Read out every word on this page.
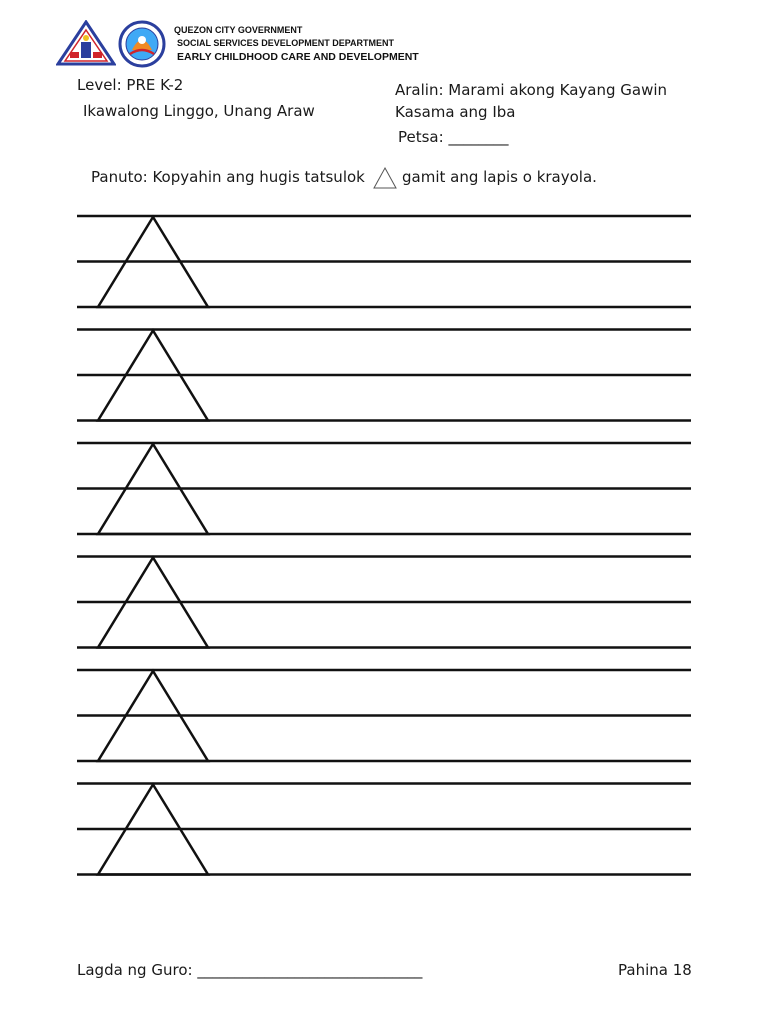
QUEZON CITY GOVERNMENT
SOCIAL SERVICES DEVELOPMENT DEPARTMENT
EARLY CHILDHOOD CARE AND DEVELOPMENT
Level: PRE K-2
Ikawalong Linggo, Unang Araw
Aralin: Marami akong Kayang Gawin
Kasama ang Iba
Petsa: ________
Panuto: Kopyahin ang hugis tatsulok gamit ang lapis o krayola.
Lagda ng Guro: ______________________________	Pahina 18
